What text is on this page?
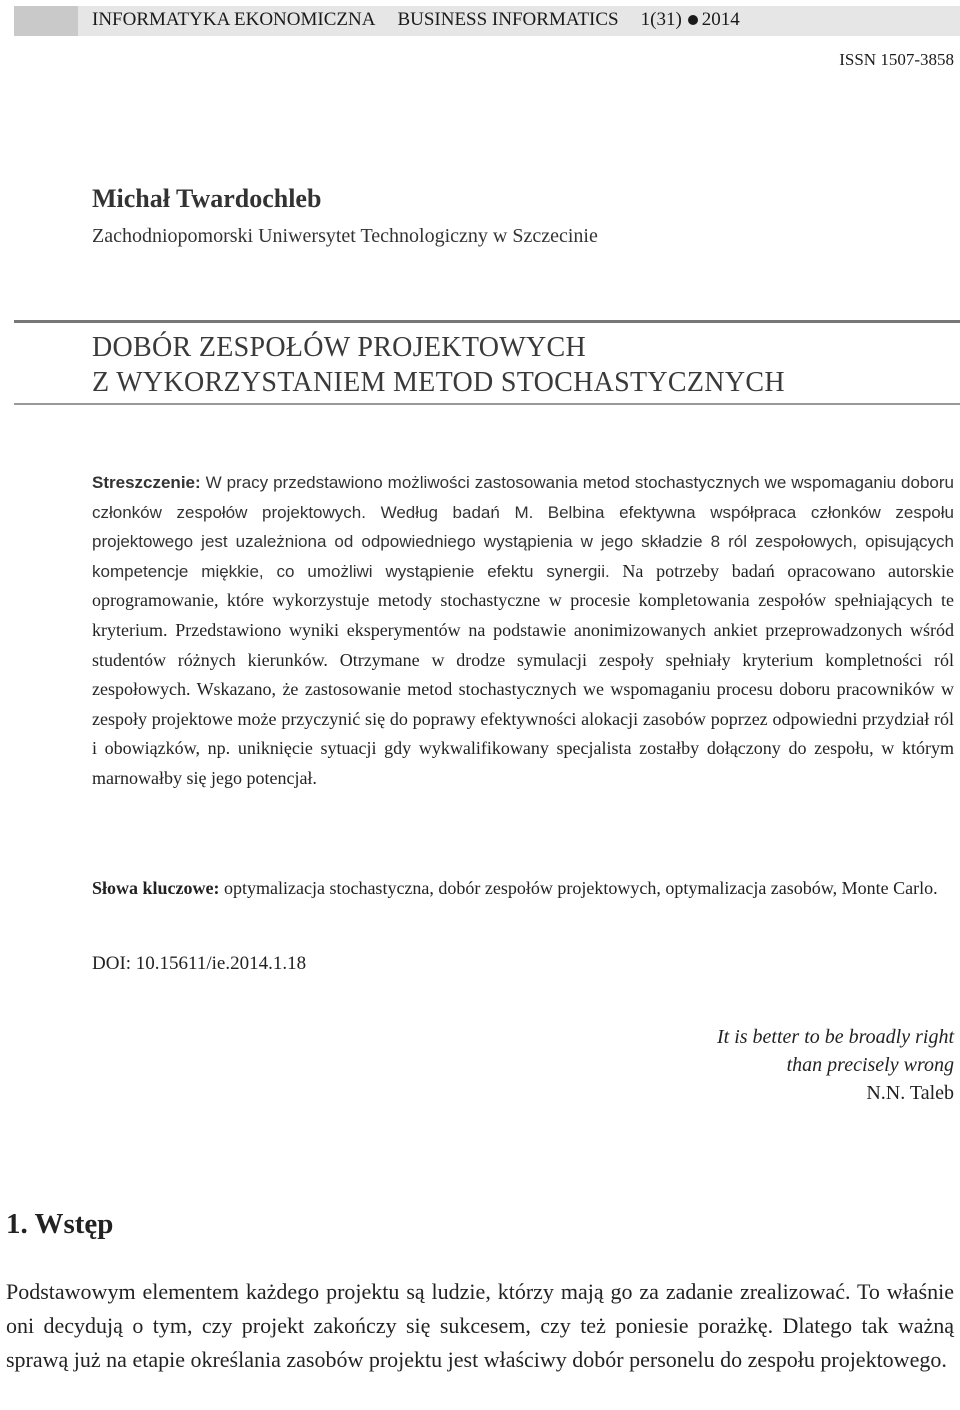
INFORMATYKA EKONOMICZNA BUSINESS INFORMATICS 1(31) 2014
ISSN 1507-3858
Michał Twardochleb
Zachodniopomorski Uniwersytet Technologiczny w Szczecinie
DOBÓR ZESPOŁÓW PROJEKTOWYCH
Z WYKORZYSTANIEM METOD STOCHASTYCZNYCH
Streszczenie: W pracy przedstawiono możliwości zastosowania metod stochastycznych we wspomaganiu doboru członków zespołów projektowych. Według badań M. Belbina efektywna współpraca członków zespołu projektowego jest uzależniona od odpowiedniego wystąpienia w jego składzie 8 ról zespołowych, opisujących kompetencje miękkie, co umożliwi wystąpienie efektu synergii. Na potrzeby badań opracowano autorskie oprogramowanie, które wykorzystuje metody stochastyczne w procesie kompletowania zespołów spełniających te kryterium. Przedstawiono wyniki eksperymentów na podstawie anonimizowanych ankiet przeprowadzonych wśród studentów różnych kierunków. Otrzymane w drodze symulacji zespoły spełniały kryterium kompletności ról zespołowych. Wskazano, że zastosowanie metod stochastycznych we wspomaganiu procesu doboru pracowników w zespoły projektowe może przyczynić się do poprawy efektywności alokacji zasobów poprzez odpowiedni przydział ról i obowiązków, np. uniknięcie sytuacji gdy wykwalifikowany specjalista zostałby dołączony do zespołu, w którym marnowałby się jego potencjał.
Słowa kluczowe: optymalizacja stochastyczna, dobór zespołów projektowych, optymalizacja zasobów, Monte Carlo.
DOI: 10.15611/ie.2014.1.18
It is better to be broadly right
than precisely wrong
N.N. Taleb
1. Wstęp
Podstawowym elementem każdego projektu są ludzie, którzy mają go za zadanie zrealizować. To właśnie oni decydują o tym, czy projekt zakończy się sukcesem, czy też poniesie porażkę. Dlatego tak ważną sprawą już na etapie określania zasobów projektu jest właściwy dobór personelu do zespołu projektowego.
